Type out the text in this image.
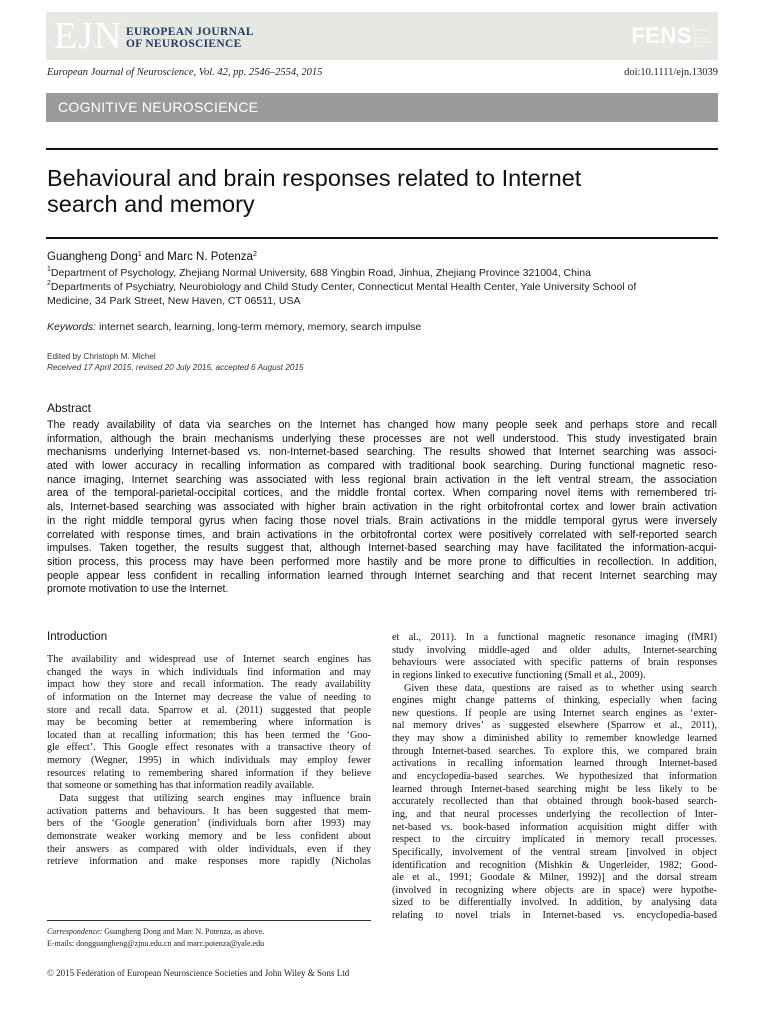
EJN EUROPEAN JOURNAL
OF NEUROSCIENCE	FENS Federation of European Neuroscience Societies
European Journal of Neuroscience, Vol. 42, pp. 2546–2554, 2015	doi:10.1111/ejn.13039
COGNITIVE NEUROSCIENCE
Behavioural and brain responses related to Internet
search and memory
Guangheng Dong$^1$ and Marc N. Potenza$^2$
$^1$Department of Psychology, Zhejiang Normal University, 688 Yingbin Road, Jinhua, Zhejiang Province 321004, China
$^2$Departments of Psychiatry, Neurobiology and Child Study Center, Connecticut Mental Health Center, Yale University School of
Medicine, 34 Park Street, New Haven, CT 06511, USA
Keywords: internet search, learning, long-term memory, memory, search impulse
Edited by Christoph M. Michel
Received 17 April 2015, revised 20 July 2015, accepted 6 August 2015
Abstract
The ready availability of data via searches on the Internet has changed how many people seek and perhaps store and recall
information, although the brain mechanisms underlying these processes are not well understood. This study investigated brain
mechanisms underlying Internet-based vs. non-Internet-based searching. The results showed that Internet searching was associ-
ated with lower accuracy in recalling information as compared with traditional book searching. During functional magnetic reso-
nance imaging, Internet searching was associated with less regional brain activation in the left ventral stream, the association
area of the temporal-parietal-occipital cortices, and the middle frontal cortex. When comparing novel items with remembered tri-
als, Internet-based searching was associated with higher brain activation in the right orbitofrontal cortex and lower brain activation
in the right middle temporal gyrus when facing those novel trials. Brain activations in the middle temporal gyrus were inversely
correlated with response times, and brain activations in the orbitofrontal cortex were positively correlated with self-reported search
impulses. Taken together, the results suggest that, although Internet-based searching may have facilitated the information-acqui-
sition process, this process may have been performed more hastily and be more prone to difficulties in recollection. In addition,
people appear less confident in recalling information learned through Internet searching and that recent Internet searching may
promote motivation to use the Internet.
Introduction
The availability and widespread use of Internet search engines has
changed the ways in which individuals find information and may
impact how they store and recall information. The ready availability
of information on the Internet may decrease the value of needing to
store and recall data. Sparrow et al. (2011) suggested that people
may be becoming better at remembering where information is
located than at recalling information; this has been termed the ‘Goo-
gle effect’. This Google effect resonates with a transactive theory of
memory (Wegner, 1995) in which individuals may employ fewer
resources relating to remembering shared information if they believe
that someone or something has that information readily available.
Data suggest that utilizing search engines may influence brain
activation patterns and behaviours. It has been suggested that mem-
bers of the ‘Google generation’ (individuals born after 1993) may
demonstrate weaker working memory and be less confident about
their answers as compared with older individuals, even if they
retrieve information and make responses more rapidly (Nicholas
et al., 2011). In a functional magnetic resonance imaging (fMRI)
study involving middle-aged and older adults, Internet-searching
behaviours were associated with specific patterns of brain responses
in regions linked to executive functioning (Small et al., 2009).
Given these data, questions are raised as to whether using search
engines might change patterns of thinking, especially when facing
new questions. If people are using Internet search engines as ‘exter-
nal memory drives’ as suggested elsewhere (Sparrow et al., 2011),
they may show a diminished ability to remember knowledge learned
through Internet-based searches. To explore this, we compared brain
activations in recalling information learned through Internet-based
and encyclopedia-based searches. We hypothesized that information
learned through Internet-based searching might be less likely to be
accurately recollected than that obtained through book-based search-
ing, and that neural processes underlying the recollection of Inter-
net-based vs. book-based information acquisition might differ with
respect to the circuitry implicated in memory recall processes.
Specifically, involvement of the ventral stream [involved in object
identification and recognition (Mishkin & Ungerleider, 1982; Good-
ale et al., 1991; Goodale & Milner, 1992)] and the dorsal stream
(involved in recognizing where objects are in space) were hypothe-
sized to be differentially involved. In addition, by analysing data
relating to novel trials in Internet-based vs. encyclopedia-based
Correspondence: Guangheng Dong and Marc N. Potenza, as above.
E-mails: dongguangheng@zjnu.edu.cn and marc.potenza@yale.edu
© 2015 Federation of European Neuroscience Societies and John Wiley & Sons Ltd
